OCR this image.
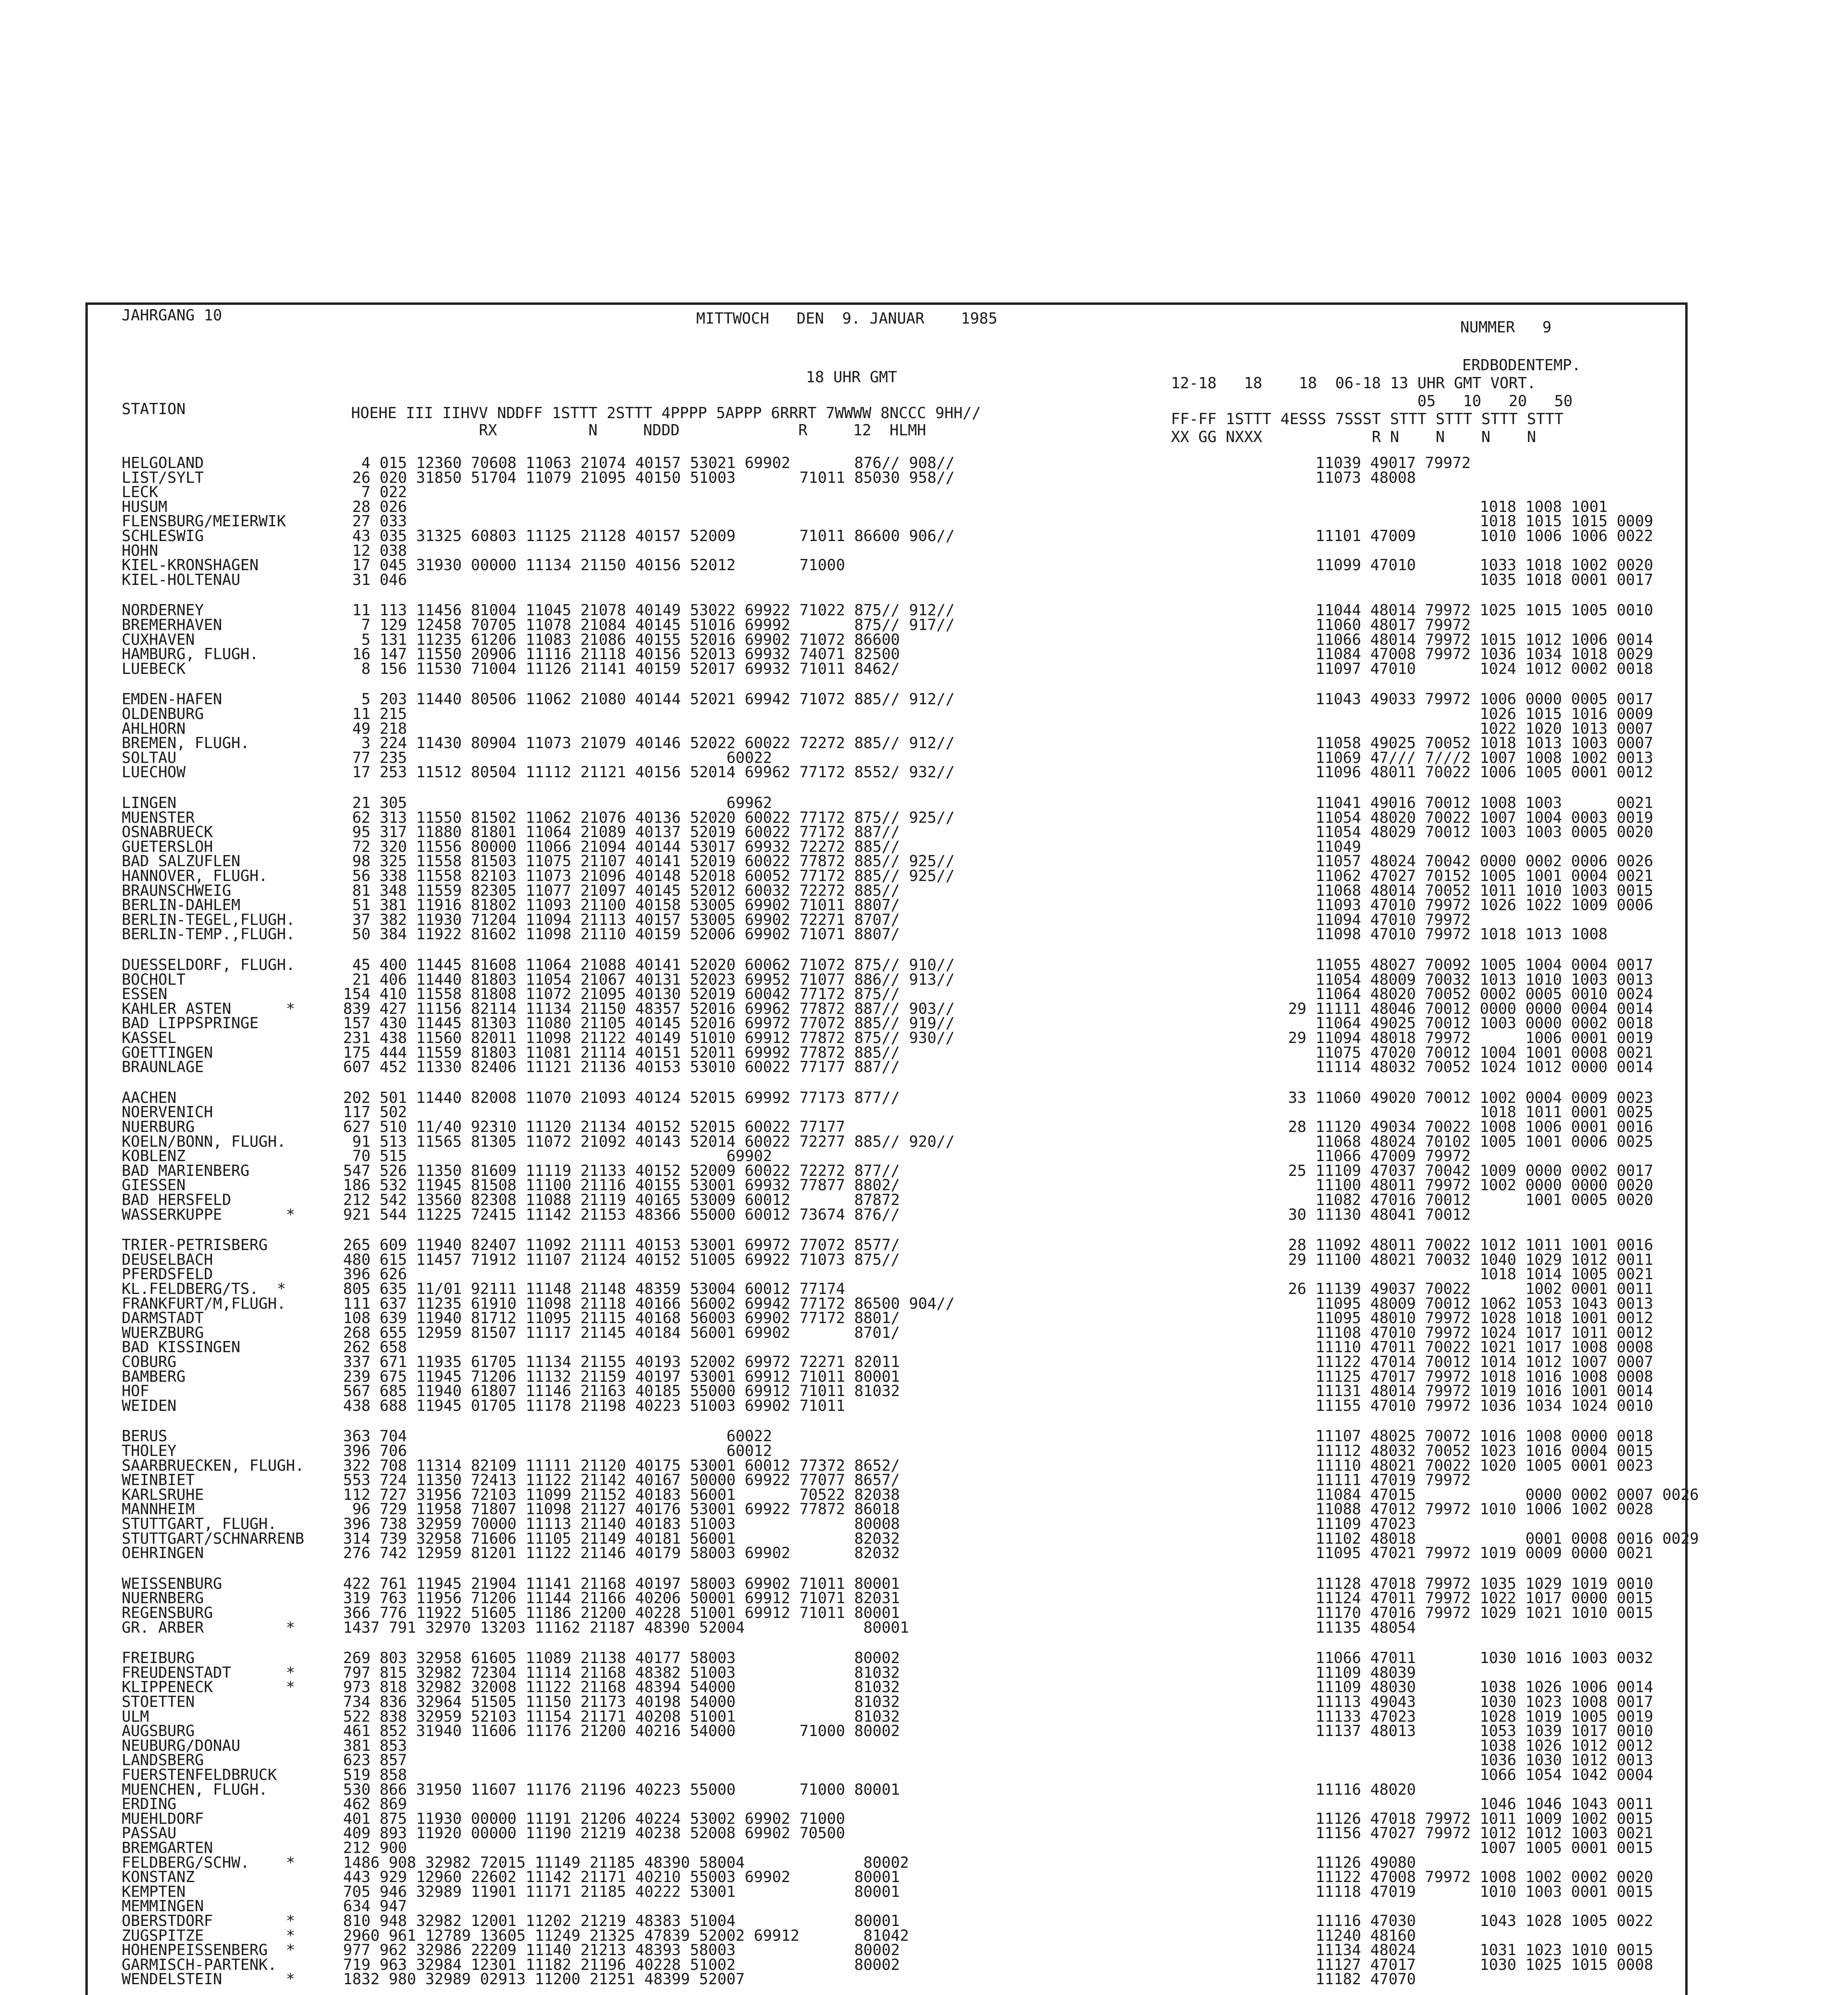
JAHRGANG 10	MITTWOCH   DEN  9. JANUAR    1985	NUMMER   9
18 UHR GMT
ERDBODENTEMP.
12-18   18    18  06-18 13 UHR GMT VORT.
05   10   20   50
FF-FF 1STTT 4ESSS 7SSST STTT STTT STTT STTT
XX GG NXXX            R N    N    N    N
STATION	HOEHE III IIHVV NDDFF 1STTT 2STTT 4PPPP 5APPP 6RRRT 7WWWW 8NCCC 9HH//
RX          N     NDDD             R     12  HLMH
HELGOLAND	4 015 12360 70608 11063 21074 40157 53021 69902       876// 908//	11039 49017 79972
LIST/SYLT	26 020 31850 51704 11079 21095 40150 51003       71011 85030 958//	11073 48008
LECK	7 022
HUSUM	28 026	1018 1008 1001
FLENSBURG/MEIERWIK	27 033	1018 1015 1015 0009
SCHLESWIG	43 035 31325 60803 11125 21128 40157 52009       71011 86600 906//	11101 47009       1010 1006 1006 0022
HOHN	12 038
KIEL-KRONSHAGEN	17 045 31930 00000 11134 21150 40156 52012       71000	11099 47010       1033 1018 1002 0020
KIEL-HOLTENAU	31 046	1035 1018 0001 0017
NORDERNEY	11 113 11456 81004 11045 21078 40149 53022 69922 71022 875// 912//	11044 48014 79972 1025 1015 1005 0010
BREMERHAVEN	7 129 12458 70705 11078 21084 40145 51016 69992       875// 917//	11060 48017 79972
CUXHAVEN	5 131 11235 61206 11083 21086 40155 52016 69902 71072 86600	11066 48014 79972 1015 1012 1006 0014
HAMBURG, FLUGH.	16 147 11550 20906 11116 21118 40156 52013 69932 74071 82500	11084 47008 79972 1036 1034 1018 0029
LUEBECK	8 156 11530 71004 11126 21141 40159 52017 69932 71011 8462/	11097 47010       1024 1012 0002 0018
EMDEN-HAFEN	5 203 11440 80506 11062 21080 40144 52021 69942 71072 885// 912//	11043 49033 79972 1006 0000 0005 0017
OLDENBURG	11 215	1026 1015 1016 0009
AHLHORN	49 218	1022 1020 1013 0007
BREMEN, FLUGH.	3 224 11430 80904 11073 21079 40146 52022 60022 72272 885// 912//	11058 49025 70052 1018 1013 1003 0007
SOLTAU	77 235                                   60022	11069 47/// 7///2 1007 1008 1002 0013
LUECHOW	17 253 11512 80504 11112 21121 40156 52014 69962 77172 8552/ 932//	11096 48011 70022 1006 1005 0001 0012
LINGEN	21 305                                   69962	11041 49016 70012 1008 1003      0021
MUENSTER	62 313 11550 81502 11062 21076 40136 52020 60022 77172 875// 925//	11054 48020 70022 1007 1004 0003 0019
OSNABRUECK	95 317 11880 81801 11064 21089 40137 52019 60022 77172 887//	11054 48029 70012 1003 1003 0005 0020
GUETERSLOH	72 320 11556 80000 11066 21094 40144 53017 69932 72272 885//	11049
BAD SALZUFLEN	98 325 11558 81503 11075 21107 40141 52019 60022 77872 885// 925//	11057 48024 70042 0000 0002 0006 0026
HANNOVER, FLUGH.	56 338 11558 82103 11073 21096 40148 52018 60052 77172 885// 925//	11062 47027 70152 1005 1001 0004 0021
BRAUNSCHWEIG	81 348 11559 82305 11077 21097 40145 52012 60032 72272 885//	11068 48014 70052 1011 1010 1003 0015
BERLIN-DAHLEM	51 381 11916 81802 11093 21100 40158 53005 69902 71011 8807/	11093 47010 79972 1026 1022 1009 0006
BERLIN-TEGEL,FLUGH.	37 382 11930 71204 11094 21113 40157 53005 69902 72271 8707/	11094 47010 79972
BERLIN-TEMP.,FLUGH.	50 384 11922 81602 11098 21110 40159 52006 69902 71071 8807/	11098 47010 79972 1018 1013 1008
DUESSELDORF, FLUGH.	45 400 11445 81608 11064 21088 40141 52020 60062 71072 875// 910//	11055 48027 70092 1005 1004 0004 0017
BOCHOLT	21 406 11440 81803 11054 21067 40131 52023 69952 71077 886// 913//	11054 48009 70032 1013 1010 1003 0013
ESSEN	154 410 11558 81808 11072 21095 40130 52019 60042 77172 875//	11064 48020 70052 0002 0005 0010 0024
KAHLER ASTEN      *	839 427 11156 82114 11134 21150 48357 52016 69962 77872 887// 903//	29 11111 48046 70012 0000 0000 0004 0014
BAD LIPPSPRINGE	157 430 11445 81303 11080 21105 40145 52016 69972 77072 885// 919//	11064 49025 70012 1003 0000 0002 0018
KASSEL	231 438 11560 82011 11098 21122 40149 51010 69912 77872 875// 930//	29 11094 48018 79972      1006 0001 0019
GOETTINGEN	175 444 11559 81803 11081 21114 40151 52011 69992 77872 885//	11075 47020 70012 1004 1001 0008 0021
BRAUNLAGE	607 452 11330 82406 11121 21136 40153 53010 60022 77177 887//	11114 48032 70052 1024 1012 0000 0014
AACHEN	202 501 11440 82008 11070 21093 40124 52015 69992 77173 877//	33 11060 49020 70012 1002 0004 0009 0023
NOERVENICH	117 502	1018 1011 0001 0025
NUERBURG	627 510 11/40 92310 11120 21134 40152 52015 60022 77177	28 11120 49034 70022 1008 1006 0001 0016
KOELN/BONN, FLUGH.	91 513 11565 81305 11072 21092 40143 52014 60022 72277 885// 920//	11068 48024 70102 1005 1001 0006 0025
KOBLENZ	70 515                                   69902	11066 47009 79972
BAD MARIENBERG	547 526 11350 81609 11119 21133 40152 52009 60022 72272 877//	25 11109 47037 70042 1009 0000 0002 0017
GIESSEN	186 532 11945 81508 11100 21116 40155 53001 69932 77877 8802/	11100 48011 79972 1002 0000 0000 0020
BAD HERSFELD	212 542 13560 82308 11088 21119 40165 53009 60012       87872	11082 47016 70012      1001 0005 0020
WASSERKUPPE       *	921 544 11225 72415 11142 21153 48366 55000 60012 73674 876//	30 11130 48041 70012
TRIER-PETRISBERG	265 609 11940 82407 11092 21111 40153 53001 69972 77072 8577/	28 11092 48011 70022 1012 1011 1001 0016
DEUSELBACH	480 615 11457 71912 11107 21124 40152 51005 69922 71073 875//	29 11100 48021 70032 1040 1029 1012 0011
PFERDSFELD	396 626	1018 1014 1005 0021
KL.FELDBERG/TS.  *	805 635 11/01 92111 11148 21148 48359 53004 60012 77174	26 11139 49037 70022      1002 0001 0011
FRANKFURT/M,FLUGH.	111 637 11235 61910 11098 21118 40166 56002 69942 77172 86500 904//	11095 48009 70012 1062 1053 1043 0013
DARMSTADT	108 639 11940 81712 11095 21115 40168 56003 69902 77172 8801/	11095 48010 79972 1028 1018 1001 0012
WUERZBURG	268 655 12959 81507 11117 21145 40184 56001 69902       8701/	11108 47010 79972 1024 1017 1011 0012
BAD KISSINGEN	262 658	11110 47011 70022 1021 1017 1008 0008
COBURG	337 671 11935 61705 11134 21155 40193 52002 69972 72271 82011	11122 47014 70012 1014 1012 1007 0007
BAMBERG	239 675 11945 71206 11132 21159 40197 53001 69912 71011 80001	11125 47017 79972 1018 1016 1008 0008
HOF	567 685 11940 61807 11146 21163 40185 55000 69912 71011 81032	11131 48014 79972 1019 1016 1001 0014
WEIDEN	438 688 11945 01705 11178 21198 40223 51003 69902 71011	11155 47010 79972 1036 1034 1024 0010
BERUS	363 704                                   60022	11107 48025 70072 1016 1008 0000 0018
THOLEY	396 706                                   60012	11112 48032 70052 1023 1016 0004 0015
SAARBRUECKEN, FLUGH.	322 708 11314 82109 11111 21120 40175 53001 60012 77372 8652/	11110 48021 70022 1020 1005 0001 0023
WEINBIET	553 724 11350 72413 11122 21142 40167 50000 69922 77077 8657/	11111 47019 79972
KARLSRUHE	112 727 31956 72103 11099 21152 40183 56001       70522 82038	11084 47015            0000 0002 0007 0026
MANNHEIM	96 729 11958 71807 11098 21127 40176 53001 69922 77872 86018	11088 47012 79972 1010 1006 1002 0028
STUTTGART, FLUGH.	396 738 32959 70000 11113 21140 40183 51003             80008	11109 47023
STUTTGART/SCHNARRENB	314 739 32958 71606 11105 21149 40181 56001             82032	11102 48018            0001 0008 0016 0029
OEHRINGEN	276 742 12959 81201 11122 21146 40179 58003 69902       82032	11095 47021 79972 1019 0009 0000 0021
WEISSENBURG	422 761 11945 21904 11141 21168 40197 58003 69902 71011 80001	11128 47018 79972 1035 1029 1019 0010
NUERNBERG	319 763 11956 71206 11144 21166 40206 50001 69912 71071 82031	11124 47011 79972 1022 1017 0000 0015
REGENSBURG	366 776 11922 51605 11186 21200 40228 51001 69912 71011 80001	11170 47016 79972 1029 1021 1010 0015
GR. ARBER         *	1437 791 32970 13203 11162 21187 48390 52004             80001	11135 48054
FREIBURG	269 803 32958 61605 11089 21138 40177 58003             80002	11066 47011       1030 1016 1003 0032
FREUDENSTADT      *	797 815 32982 72304 11114 21168 48382 51003             81032	11109 48039
KLIPPENECK        *	973 818 32982 32008 11122 21168 48394 54000             81032	11109 48030       1038 1026 1006 0014
STOETTEN	734 836 32964 51505 11150 21173 40198 54000             81032	11113 49043       1030 1023 1008 0017
ULM	522 838 32959 52103 11154 21171 40208 51001             81032	11133 47023       1028 1019 1005 0019
AUGSBURG	461 852 31940 11606 11176 21200 40216 54000       71000 80002	11137 48013       1053 1039 1017 0010
NEUBURG/DONAU	381 853	1038 1026 1012 0012
LANDSBERG	623 857	1036 1030 1012 0013
FUERSTENFELDBRUCK	519 858	1066 1054 1042 0004
MUENCHEN, FLUGH.	530 866 31950 11607 11176 21196 40223 55000       71000 80001	11116 48020
ERDING	462 869	1046 1046 1043 0011
MUEHLDORF	401 875 11930 00000 11191 21206 40224 53002 69902 71000	11126 47018 79972 1011 1009 1002 0015
PASSAU	409 893 11920 00000 11190 21219 40238 52008 69902 70500	11156 47027 79972 1012 1012 1003 0021
BREMGARTEN	212 900	1007 1005 0001 0015
FELDBERG/SCHW.    *	1486 908 32982 72015 11149 21185 48390 58004             80002	11126 49080
KONSTANZ	443 929 12960 22602 11142 21171 40210 55003 69902       80001	11122 47008 79972 1008 1002 0002 0020
KEMPTEN	705 946 32989 11901 11171 21185 40222 53001             80001	11118 47019       1010 1003 0001 0015
MEMMINGEN	634 947
OBERSTDORF        *	810 948 32982 12001 11202 21219 48383 51004             80001	11116 47030       1043 1028 1005 0022
ZUGSPITZE         *	2960 961 12789 13605 11249 21325 47839 52002 69912       81042	11240 48160
HOHENPEISSENBERG  *	977 962 32986 22209 11140 21213 48393 58003             80002	11134 48024       1031 1023 1010 0015
GARMISCH-PARTENK.	719 963 32984 12301 11182 21196 40228 51002             80002	11127 47017       1030 1025 1015 0008
WENDELSTEIN       *	1832 980 32989 02913 11200 21251 48399 52007	11182 47070
